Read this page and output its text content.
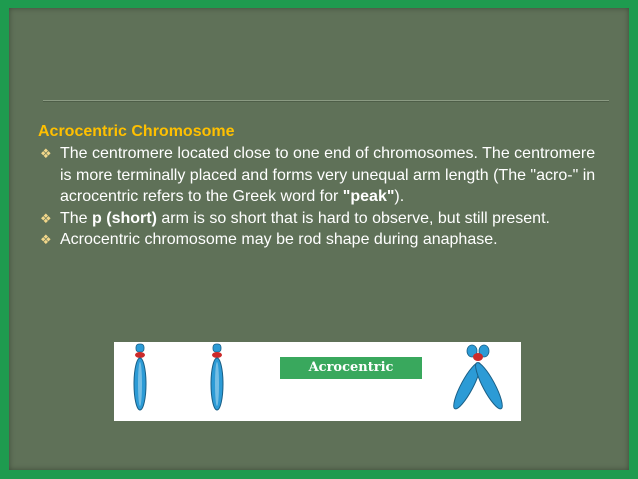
Acrocentric Chromosome
❖ The centromere located close to one end of chromosomes. The centromere is more terminally placed and forms very unequal arm length (The "acro-" in acrocentric refers to the Greek word for "peak").
❖ The p (short) arm is so short that is hard to observe, but still present.
❖ Acrocentric chromosome may be rod shape during anaphase.
Acrocentric
